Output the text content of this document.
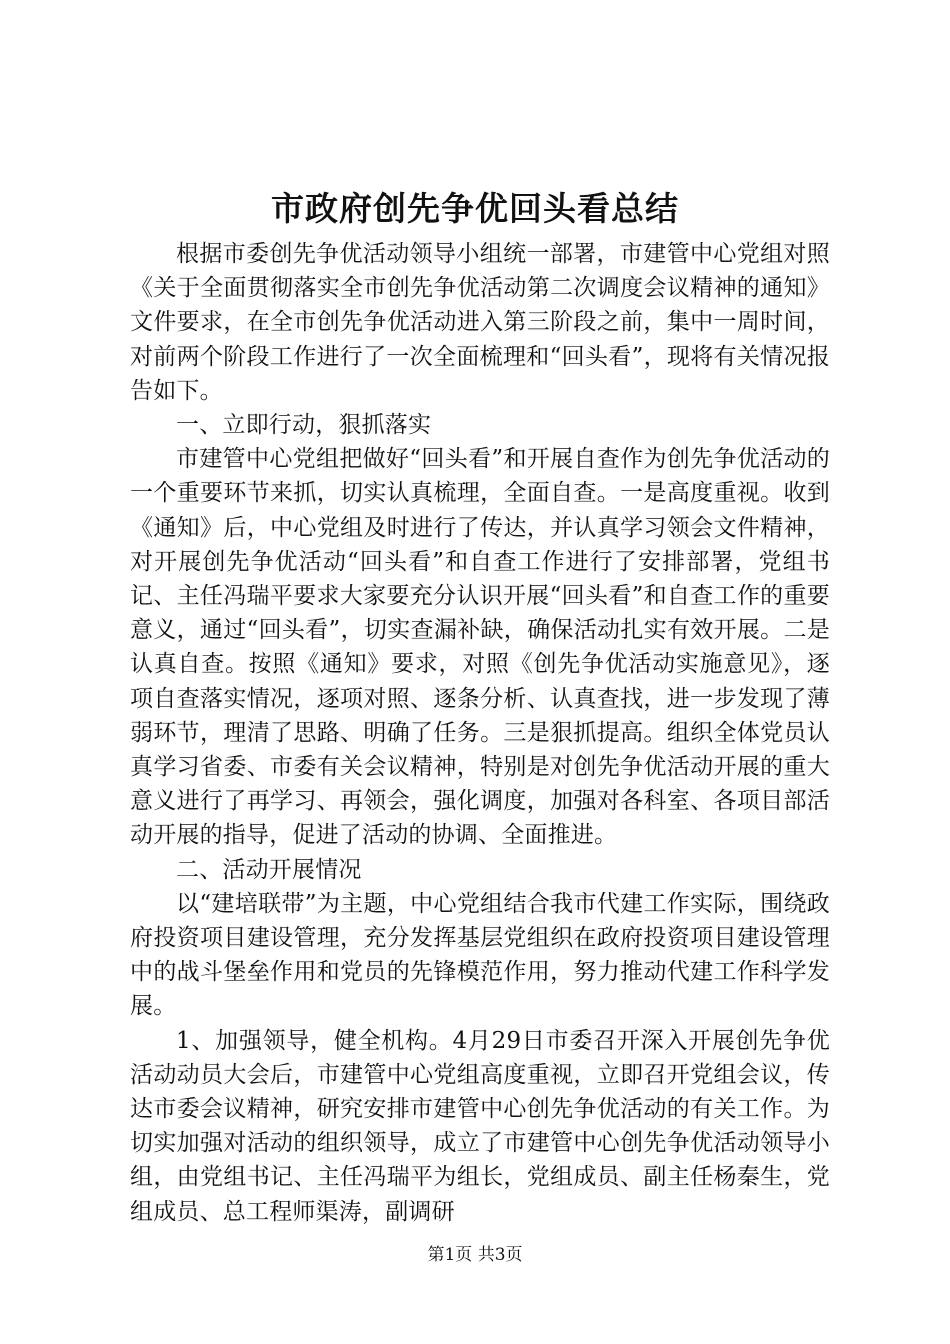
市政府创先争优回头看总结

根据市委创先争优活动领导小组统一部署，市建管中心党组对照《关于全面贯彻落实全市创先争优活动第二次调度会议精神的通知》文件要求，在全市创先争优活动进入第三阶段之前，集中一周时间，对前两个阶段工作进行了一次全面梳理和“回头看”，现将有关情况报告如下。

一、立即行动，狠抓落实

市建管中心党组把做好“回头看”和开展自查作为创先争优活动的一个重要环节来抓，切实认真梳理，全面自查。一是高度重视。收到《通知》后，中心党组及时进行了传达，并认真学习领会文件精神，对开展创先争优活动“回头看”和自查工作进行了安排部署，党组书记、主任冯瑞平要求大家要充分认识开展“回头看”和自查工作的重要意义，通过“回头看”，切实查漏补缺，确保活动扎实有效开展。二是认真自查。按照《通知》要求，对照《创先争优活动实施意见》，逐项自查落实情况，逐项对照、逐条分析、认真查找，进一步发现了薄弱环节，理清了思路、明确了任务。三是狠抓提高。组织全体党员认真学习省委、市委有关会议精神，特别是对创先争优活动开展的重大意义进行了再学习、再领会，强化调度，加强对各科室、各项目部活动开展的指导，促进了活动的协调、全面推进。

二、活动开展情况

以“建培联带”为主题，中心党组结合我市代建工作实际，围绕政府投资项目建设管理，充分发挥基层党组织在政府投资项目建设管理中的战斗堡垒作用和党员的先锋模范作用，努力推动代建工作科学发展。

1、加强领导，健全机构。4月29日市委召开深入开展创先争优活动动员大会后，市建管中心党组高度重视，立即召开党组会议，传达市委会议精神，研究安排市建管中心创先争优活动的有关工作。为切实加强对活动的组织领导，成立了市建管中心创先争优活动领导小组，由党组书记、主任冯瑞平为组长，党组成员、副主任杨秦生，党组成员、总工程师渠涛，副调研

第1页 共3页
